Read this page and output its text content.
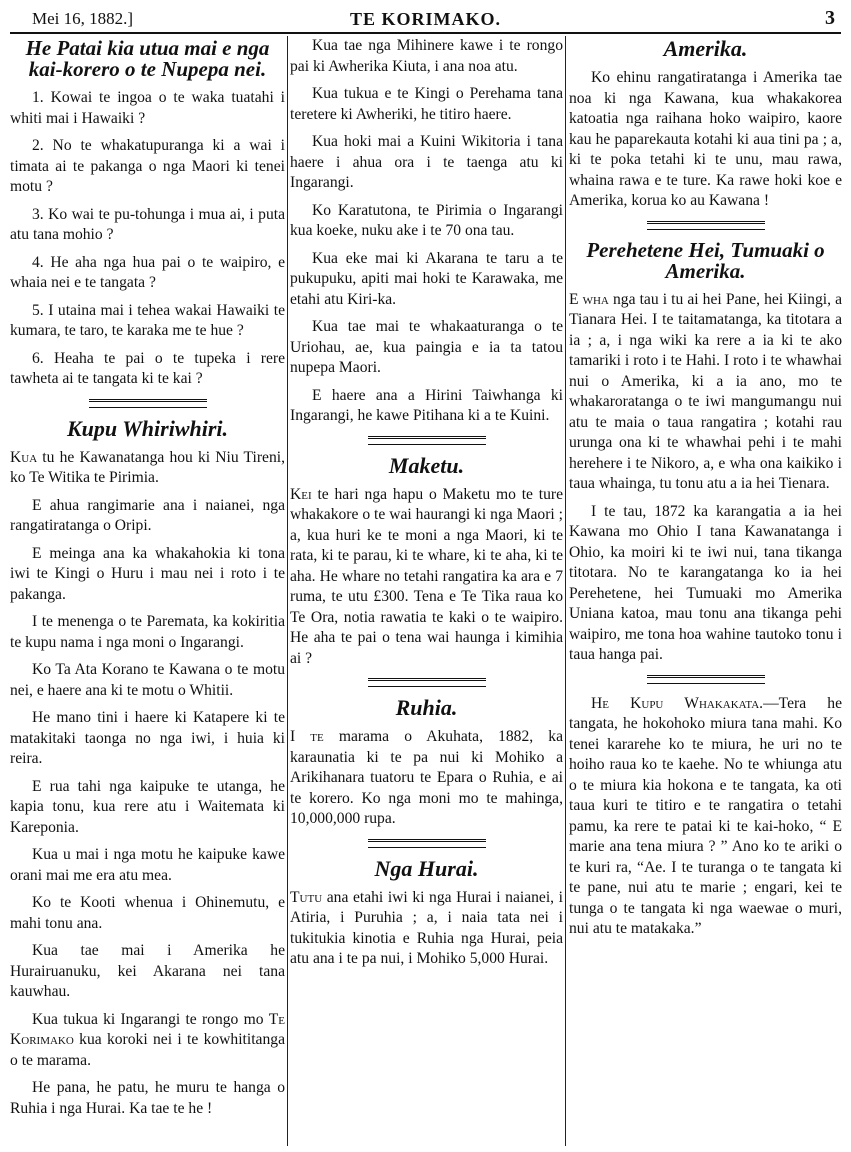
Mei 16, 1882.]	TE KORIMAKO.	3
He Patai kia utua mai e nga kai-korero o te Nupepa nei.

1. Kowai te ingoa o te waka tuatahi i whiti mai i Hawaiki ?

2. No te whakatupuranga ki a wai i timata ai te pakanga o nga Maori ki tenei motu ?

3. Ko wai te pu-tohunga i mua ai, i puta atu tana mohio ?

4. He aha nga hua pai o te waipiro, e whaia nei e te tangata ?

5. I utaina mai i tehea wakai Hawaiki te kumara, te taro, te karaka me te hue ?

6. Heaha te pai o te tupeka i rere tawheta ai te tangata ki te kai ?

Kupu Whiriwhiri.

Kua tu he Kawanatanga hou ki Niu Tireni, ko Te Witika te Pirimia.

E ahua rangimarie ana i naianei, nga rangatiratanga o Oripi.

E meinga ana ka whakahokia ki tona iwi te Kingi o Huru i mau nei i roto i te pakanga.

I te menenga o te Paremata, ka kokiritia te kupu nama i nga moni o Ingarangi.

Ko Ta Ata Korano te Kawana o te motu nei, e haere ana ki te motu o Whitii.

He mano tini i haere ki Katapere ki te matakitaki taonga no nga iwi, i huia ki reira.

E rua tahi nga kaipuke te utanga, he kapia tonu, kua rere atu i Waitemata ki Kareponia.

Kua u mai i nga motu he kaipuke kawe orani mai me era atu mea.

Ko te Kooti whenua i Ohinemutu, e mahi tonu ana.

Kua tae mai i Amerika he Hurairuanuku, kei Akarana nei tana kauwhau.

Kua tukua ki Ingarangi te rongo mo Te Korimako kua koroki nei i te kowhititanga o te marama.

He pana, he patu, he muru te hanga o Ruhia i nga Hurai. Ka tae te he !

Kua tae nga Mihinere kawe i te rongo pai ki Awherika Kiuta, i ana noa atu.

Kua tukua e te Kingi o Perehama tana teretere ki Awheriki, he titiro haere.

Kua hoki mai a Kuini Wikitoria i tana haere i ahua ora i te taenga atu ki Ingarangi.

Ko Karatutona, te Pirimia o Ingarangi kua koeke, nuku ake i te 70 ona tau.

Kua eke mai ki Akarana te taru a te pukupuku, apiti mai hoki te Karawaka, me etahi atu Kiri-ka.

Kua tae mai te whakaaturanga o te Uriohau, ae, kua paingia e ia ta tatou nupepa Maori.

E haere ana a Hirini Taiwhanga ki Ingarangi, he kawe Pitihana ki a te Kuini.

Maketu.

Kei te hari nga hapu o Maketu mo te ture whakakore o te wai haurangi ki nga Maori ; a, kua huri ke te moni a nga Maori, ki te rata, ki te parau, ki te whare, ki te aha, ki te aha. He whare no tetahi rangatira ka ara e 7 ruma, te utu £300. Tena e Te Tika raua ko Te Ora, notia rawatia te kaki o te waipiro. He aha te pai o tena wai haunga i kimihia ai ?

Ruhia.

I te marama o Akuhata, 1882, ka karaunatia ki te pa nui ki Mohiko a Arikihanara tuatoru te Epara o Ruhia, e ai te korero. Ko nga moni mo te mahinga, 10,000,000 rupa.

Nga Hurai.

Tutu ana etahi iwi ki nga Hurai i naianei, i Atiria, i Puruhia ; a, i naia tata nei i tukitukia kinotia e Ruhia nga Hurai, peia atu ana i te pa nui, i Mohiko 5,000 Hurai.

Amerika.

Ko ehinu rangatiratanga i Amerika tae noa ki nga Kawana, kua whakakorea katoatia nga raihana hoko waipiro, kaore kau he paparekauta kotahi ki aua tini pa ; a, ki te poka tetahi ki te unu, mau rawa, whaina rawa e te ture. Ka rawe hoki koe e Amerika, korua ko au Kawana !

Perehetene Hei, Tumuaki o Amerika.

E wha nga tau i tu ai hei Pane, hei Kiingi, a Tianara Hei. I te taitamatanga, ka titotara a ia ; a, i nga wiki ka rere a ia ki te ako tamariki i roto i te Hahi. I roto i te whawhai nui o Amerika, ki a ia ano, mo te whakaroratanga o te iwi mangumangu nui atu te maia o taua rangatira ; kotahi rau urunga ona ki te whawhai pehi i te mahi herehere i te Nikoro, a, e wha ona kaikiko i taua whainga, tu tonu atu a ia hei Tienara.

I te tau, 1872 ka karangatia a ia hei Kawana mo Ohio I tana Kawanatanga i Ohio, ka moiri ki te iwi nui, tana tikanga titotara. No te karangatanga ko ia hei Perehetene, hei Tumuaki mo Amerika Uniana katoa, mau tonu ana tikanga pehi waipiro, me tona hoa wahine tautoko tonu i taua hanga pai.

He Kupu Whakakata.—Tera he tangata, he hokohoko miura tana mahi. Ko tenei kararehe ko te miura, he uri no te hoiho raua ko te kaehe. No te whiunga atu o te miura kia hokona e te tangata, ka oti taua kuri te titiro e te rangatira o tetahi pamu, ka rere te patai ki te kai-hoko, “ E marie ana tena miura ? ” Ano ko te ariki o te kuri ra, “Ae. I te turanga o te tangata ki te pane, nui atu te marie ; engari, kei te tunga o te tangata ki nga waewae o muri, nui atu te matakaka.”
